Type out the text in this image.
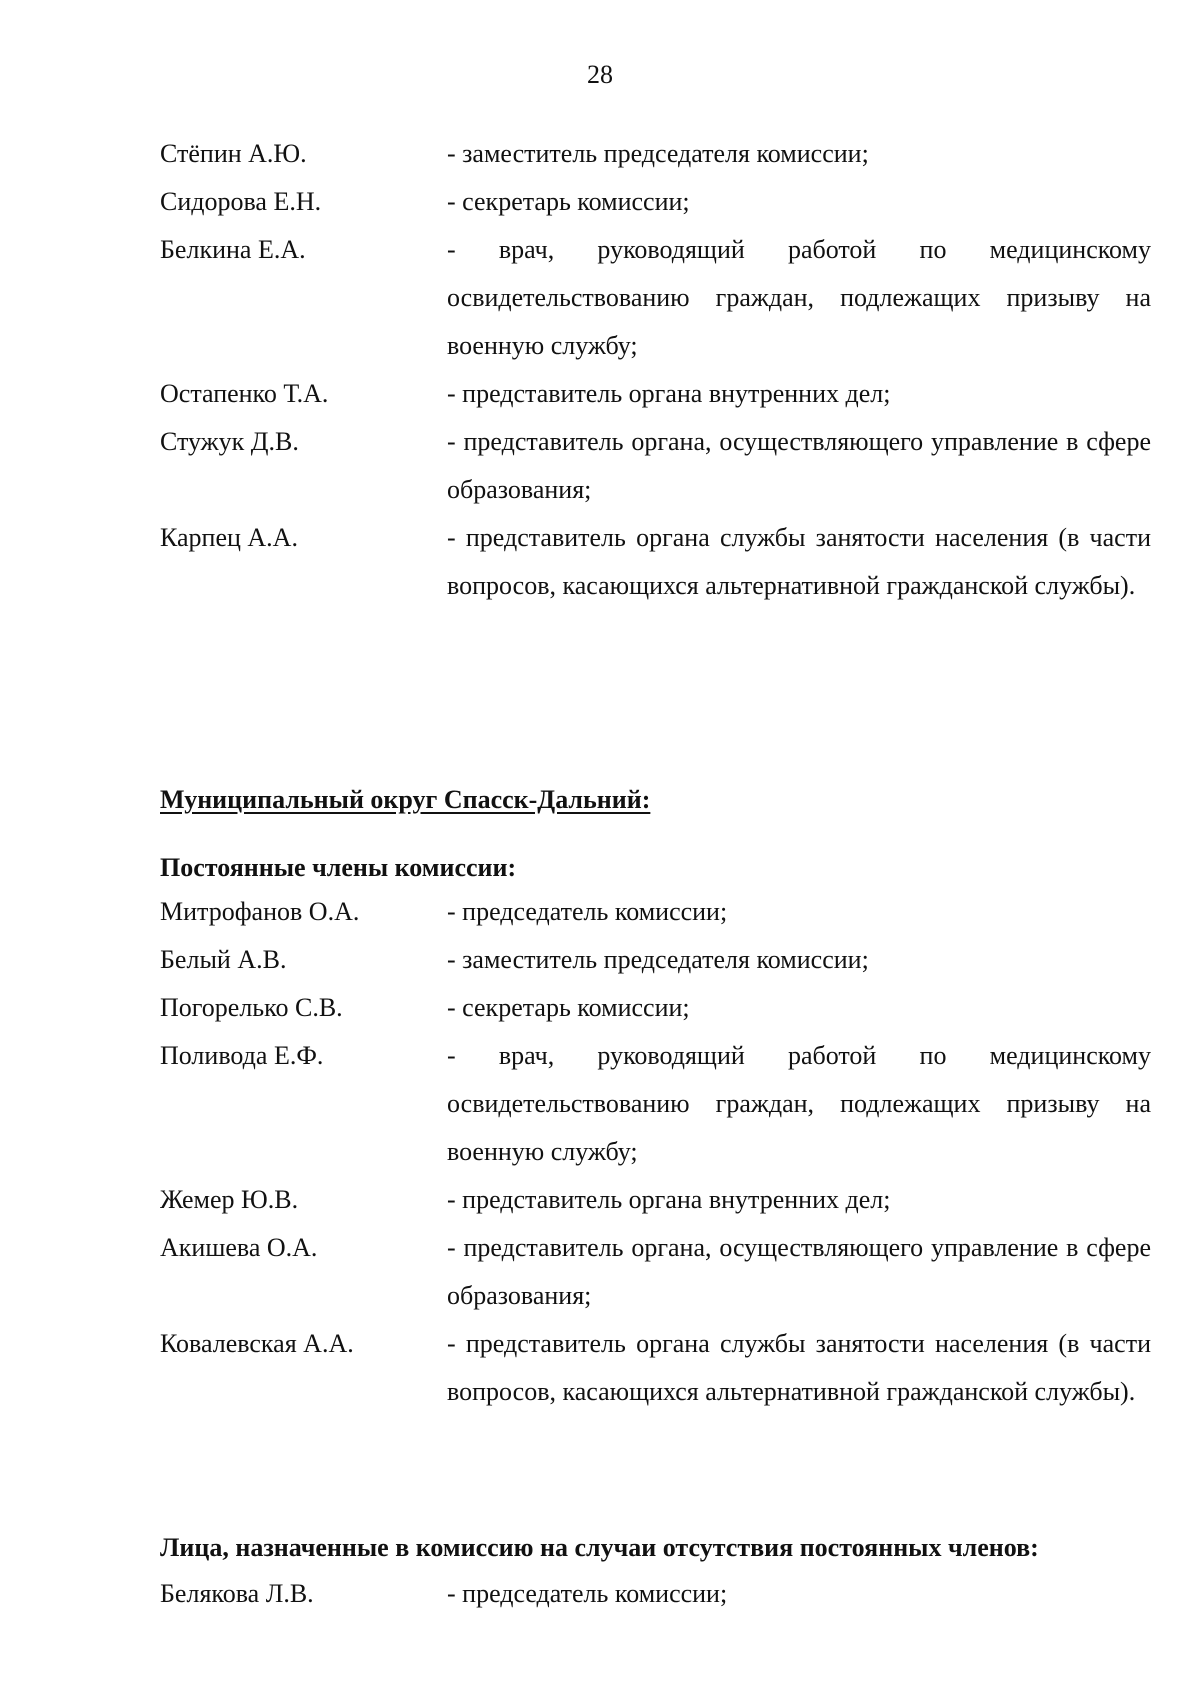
28
Стёпин А.Ю.	- заместитель председателя комиссии;
Сидорова Е.Н.	- секретарь комиссии;
Белкина Е.А.	- врач, руководящий работой по медицинскому освидетельствованию граждан, подлежащих призыву на военную службу;
Остапенко Т.А.	- представитель органа внутренних дел;
Стужук Д.В.	- представитель органа, осуществляющего управление в сфере образования;
Карпец А.А.	- представитель органа службы занятости населения (в части вопросов, касающихся альтернативной гражданской службы).
Муниципальный округ Спасск-Дальний:
Постоянные члены комиссии:
Митрофанов О.А.	- председатель комиссии;
Белый А.В.	- заместитель председателя комиссии;
Погорелько С.В.	- секретарь комиссии;
Поливода Е.Ф.	- врач, руководящий работой по медицинскому освидетельствованию граждан, подлежащих призыву на военную службу;
Жемер Ю.В.	- представитель органа внутренних дел;
Акишева О.А.	- представитель органа, осуществляющего управление в сфере образования;
Ковалевская А.А.	- представитель органа службы занятости населения (в части вопросов, касающихся альтернативной гражданской службы).
Лица, назначенные в комиссию на случаи отсутствия постоянных членов:
Белякова Л.В.	- председатель комиссии;
